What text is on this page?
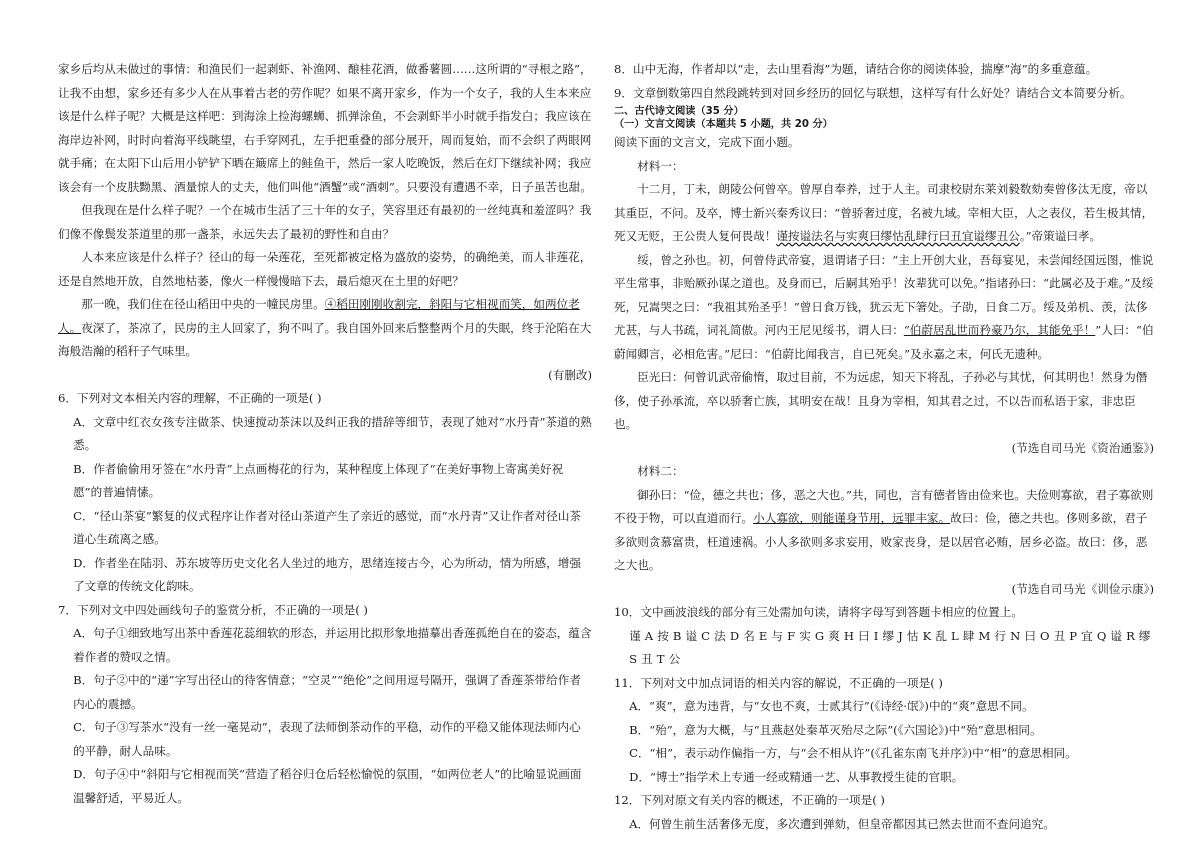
家乡后均从未做过的事情：和渔民们一起剥虾、补渔网、酿桂花酒，做番薯圆……这所谓的“寻根之路”，让我不由想，家乡还有多少人在从事着古老的劳作呢？如果不离开家乡，作为一个女子，我的人生本来应该是什么样子呢？大概是这样吧：到海涂上捡海螺蛳、抓弹涂鱼，不会剥虾半小时就手指发白；我应该在海岸边补网，时时向着海平线眺望，右手穿网孔，左手把重叠的部分展开，周而复始，而不会织了两眼网就手痛；在太阳下山后用小铲铲下晒在簸席上的鲑鱼干，然后一家人吃晚饭，然后在灯下继续补网；我应该会有一个皮肤黝黑、酒量惊人的丈夫，他们叫他“酒蟹”或“酒刺”。只要没有遭遇不幸，日子虽苦也甜。

但我现在是什么样子呢？一个在城市生活了三十年的女子，笑容里还有最初的一丝纯真和羞涩吗？我们像不像鬓发茶道里的那一盏茶，永远失去了最初的野性和自由？

人本来应该是什么样子？径山的每一朵莲花，至死都被定格为盛放的姿势，的确绝美，而人非莲花，还是自然地开放，自然地枯萎，像火一样慢慢暗下去，最后熄灭在土里的好吧？

那一晚，我们住在径山稻田中央的一幢民房里。④稻田刚刚收割完，斜阳与它相视而笑，如两位老人。夜深了，茶凉了，民房的主人回家了，狗不叫了。我自国外回来后整整两个月的失眠，终于沦陷在大海般浩瀚的稻秆子气味里。

(有删改)

6．下列对文本相关内容的理解，不正确的一项是( )

A．文章中红衣女孩专注做茶、快速搅动茶沫以及纠正我的措辞等细节，表现了她对“水丹青”茶道的熟悉。

B．作者偷偷用牙签在“水丹青”上点画梅花的行为，某种程度上体现了“在美好事物上寄寓美好祝愿”的普遍情愫。

C．“径山茶宴”繁复的仪式程序让作者对径山茶道产生了亲近的感觉，而“水丹青”又让作者对径山茶道心生疏离之感。

D．作者坐在陆羽、苏东坡等历史文化名人坐过的地方，思绪连接古今，心为所动，情为所感，增强了文章的传统文化韵味。

7．下列对文中四处画线句子的鉴赏分析，不正确的一项是( )

A．句子①细致地写出茶中香莲花蕊细软的形态，并运用比拟形象地描摹出香莲孤绝自在的姿态，蕴含着作者的赞叹之情。

B．句子②中的“递”字写出径山的待客情意；“空灵”“绝伦”之间用逗号隔开，强调了香莲茶带给作者内心的震撼。

C．句子③写茶水“没有一丝一毫晃动”，表现了法师倒茶动作的平稳，动作的平稳又能体现法师内心的平静，耐人品味。

D．句子④中“斜阳与它相视而笑”营造了稻谷归仓后轻松愉悦的氛围，“如两位老人”的比喻显说画面温馨舒适，平易近人。

8．山中无海，作者却以“走，去山里看海”为题，请结合你的阅读体验，揣摩“海”的多重意蕴。

9．文章倒数第四自然段跳转到对回乡经历的回忆与联想，这样写有什么好处？请结合文本简要分析。

二、古代诗文阅读（35 分）

（一）文言文阅读（本题共 5 小题，共 20 分）

阅读下面的文言文，完成下面小题。

材料一：

十二月，丁未，朗陵公何曾卒。曾厚自奉养，过于人主。司隶校尉东莱刘毅数劾奏曾侈汰无度，帝以其重臣，不问。及卒，博士新兴秦秀议曰：“曾骄奢过度，名被九域。宰相大臣，人之表仪，若生极其情，死又无贬，王公贵人复何畏哉！谨按谥法名与实爽曰缪怙乱肆行曰丑宜谥缪丑公。”帝策谥曰孝。

绥，曾之孙也。初，何曾侍武帝宴，退谓诸子曰：“主上开创大业，吾每宴见，未尝闻经国远图，惟说平生常事，非贻厥孙谋之道也。及身而已，后嗣其殆乎！汝辈犹可以免。”指诸孙曰：“此属必及于难。”及绥死，兄嵩哭之曰：“我祖其殆圣乎！”曾日食万钱，犹云无下箸处。子劭，日食二万。绥及弟机、羡，汰侈尤甚，与人书疏，词礼简傲。河内王尼见绥书，谓人曰：“伯蔚居乱世而矜豪乃尔，其能免乎！”人曰：“伯蔚闻卿言，必相危害。”尼曰：“伯蔚比闻我言，自已死矣。”及永嘉之末，何氏无遗种。

臣光曰：何曾讥武帝偷惰，取过目前，不为远虑，知天下将乱，子孙必与其忧，何其明也！然身为僭侈，使子孙承流，卒以骄奢亡族，其明安在哉！且身为宰相，知其君之过，不以告而私语于家，非忠臣也。

(节选自司马光《资治通鉴》)

材料二：

御孙曰：“俭，德之共也；侈，恶之大也。”共，同也，言有德者皆由俭来也。夫俭则寡欲，君子寡欲则不役于物，可以直道而行。小人寡欲，则能谨身节用，远罪丰家。故曰：俭，德之共也。侈则多欲，君子多欲则贪慕富贵，枉道速祸。小人多欲则多求妄用，败家丧身，是以居官必贿，居乡必盗。故曰：侈，恶之大也。

(节选自司马光《训俭示康》)

10．文中画波浪线的部分有三处需加句读，请将字母写到答题卡相应的位置上。

谨 A 按 B 谥 C 法 D 名 E 与 F 实 G 爽 H 曰 I 缪 J 怙 K 乱 L 肆 M 行 N 曰 O 丑 P 宜 Q 谥 R 缪 S 丑 T 公

11．下列对文中加点词语的相关内容的解说，不正确的一项是( )

A．“爽”，意为违背，与“女也不爽，士贰其行”(《诗经·氓》)中的“爽”意思不同。

B．“殆”，意为大概，与“且燕赵处秦革灭殆尽之际”(《六国论》)中“殆”意思相同。

C．“相”，表示动作偏指一方，与“会不相从许”(《孔雀东南飞并序》)中“相”的意思相同。

D．“博士”指学术上专通一经或精通一艺、从事教授生徒的官职。

12．下列对原文有关内容的概述，不正确的一项是( )

A．何曾生前生活奢侈无度，多次遭到弹劾，但皇帝都因其已然去世而不查问追究。
